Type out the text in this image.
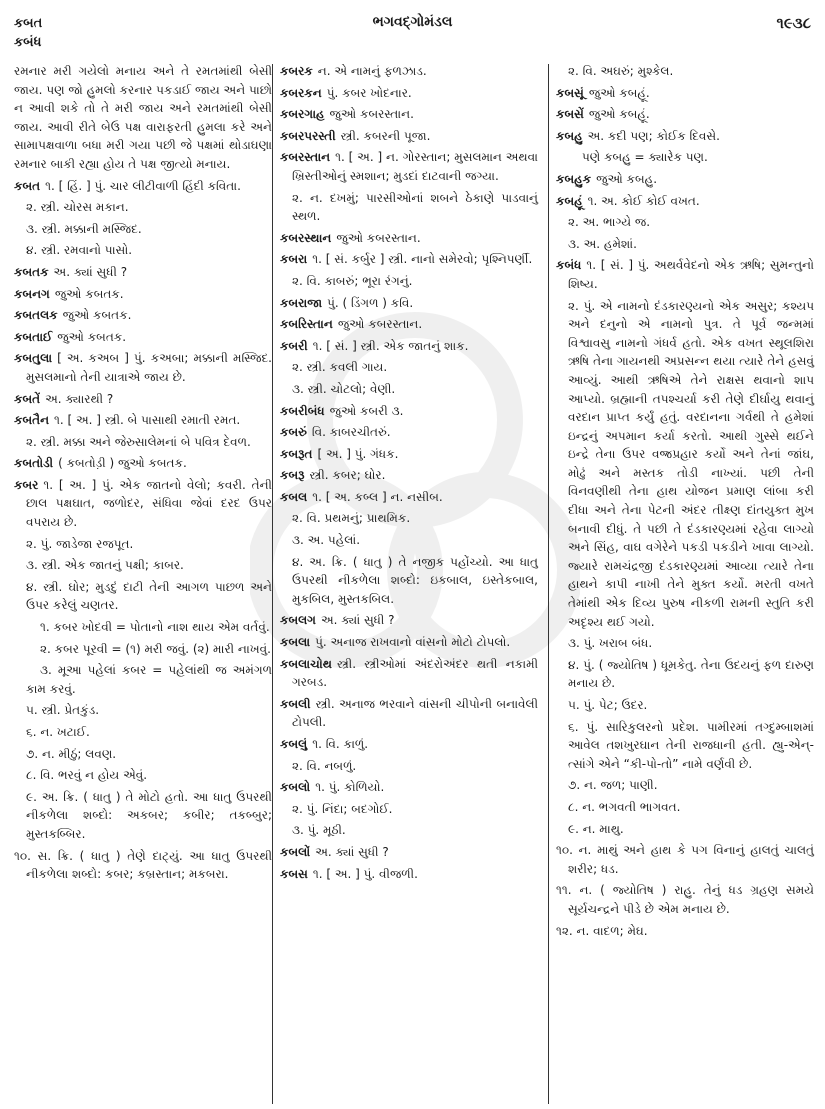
કબત
કબંધ
ભગવદ્ગોમંડલ	૧૯૩૮
રમનાર મરી ગયેલો મનાય અને તે રમતમાંથી બેસી જાય. પણ જો હુમલો કરનાર પકડાઈ જાય અને પાછો ન આવી શકે તો તે મરી જાય અને રમતમાંથી બેસી જાય. આવી રીતે બેઉ પક્ષ વારાફરતી હુમલા કરે અને સામાપક્ષવાળા બધા મરી ગયા પછી જે પક્ષમાં થોડાઘણા રમનાર બાકી રહ્યા હોય તે પક્ષ જીત્યો મનાય.
કબત ૧. [ હિં. ] પું. ચાર લીટીવાળી હિંદી કવિતા.
૨. સ્ત્રી. ચોરસ મકાન.
૩. સ્ત્રી. મક્કાની મસ્જિદ.
૪. સ્ત્રી. રમવાનો પાસો.
કબતક અ. ક્યાં સુધી ?
કબનગ જુઓ કબતક.
કબતલક જુઓ કબતક.
કબતાઈ જુઓ કબતક.
કબતુલા [ અ. કઅબ ] પું. કઅબા; મક્કાની મસ્જિદ. મુસલમાનો તેની યાત્રાએ જાય છે.
કબતેં અ. ક્યારથી ?
કબતૈન ૧. [ અ. ] સ્ત્રી. બે પાસાથી રમાતી રમત.
૨. સ્ત્રી. મક્કા અને જેરુસાલેમનાં બે પવિત્ર દેવળ.
કબતોડી ( કબતોડ઼ી ) જુઓ કબતક.
કબર ૧. [ અ. ] પું. એક જાતનો વેલો; કવરી. તેની છાલ પક્ષઘાત, જળોદર, સંધિવા જેવાં દરદ ઉપર વપરાય છે.
૨. પું. જાડેજા રજપૂત.
૩. સ્ત્રી. એક જાતનું પક્ષી; કાબર.
૪. સ્ત્રી. ઘોર; મુડદું દાટી તેની આગળ પાછળ અને ઉપર કરેલું ચણતર.
૧. કબર ખોદવી = પોતાનો નાશ થાય એમ વર્તવું.
૨. કબર પૂરવી = (૧) મરી જવું. (૨) મારી નાખવું.
૩. મૂઆ પહેલાં કબર = પહેલાંથી જ અમંગળ કામ કરવું.
૫. સ્ત્રી. પ્રેતકુંડ.
૬. ન. ખટાઈ.
૭. ન. મીઠું; લવણ.
૮. વિ. ભરવું ન હોય એવું.
૯. અ. ક્રિ. ( ધાતુ ) તે મોટો હતો. આ ધાતુ ઉપરથી નીકળેલા શબ્દો: અકબર; કબીર; તકબ્બુર; મુસ્તકબ્બિર.
૧૦. સ. ક્રિ. ( ધાતુ ) તેણે દાટ્યું. આ ધાતુ ઉપરથી નીકળેલા શબ્દો: કબર; કબ્રસ્તાન; મકબરા.
કબરક ન. એ નામનું ફળઝાડ.
કબરકન પું. કબર ખોદનાર.
કબરગાહ જુઓ કબરસ્તાન.
કબરપરસ્તી સ્ત્રી. કબરની પૂજા.
કબરસ્તાન ૧. [ અ. ] ન. ગોરસ્તાન; મુસલમાન અથવા ખ્રિસ્તીઓનું સ્મશાન; મુડદાં દાટવાની જગ્યા.
૨. ન. દખમું; પારસીઓનાં શબને ઠેકાણે પાડવાનું સ્થળ.
કબરસ્થાન જુઓ કબરસ્તાન.
કબરા ૧. [ સં. કર્બુર ] સ્ત્રી. નાનો સમેરવો; પૃશ્નિપર્ણી.
૨. વિ. કાબરું; ભૂરા રંગનું.
કબરાજા પું. ( ડિંગળ ) કવિ.
કબરિસ્તાન જુઓ કબરસ્તાન.
કબરી ૧. [ સં. ] સ્ત્રી. એક જાતનું શાક.
૨. સ્ત્રી. કવલી ગાય.
૩. સ્ત્રી. ચોટલો; વેણી.
કબરીબંધ જુઓ કબરી ૩.
કબરું વિ. કાબરચીતરું.
કબરૂત [ અ. ] પું. ગંધક.
કબરૂ સ્ત્રી. કબર; ઘોર.
કબલ ૧. [ અ. કબ્લ ] ન. નસીબ.
૨. વિ. પ્રથમનું; પ્રાથમિક.
૩. અ. પહેલાં.
૪. અ. ક્રિ. ( ધાતુ ) તે નજીક પહોંચ્યો. આ ધાતુ ઉપરથી નીકળેલા શબ્દો: ઇકબાલ, ઇસ્તેકબાલ, મુકબિલ, મુસ્તકબિલ.
કબલગ અ. ક્યાં સુધી ?
કબલા પું. અનાજ રાખવાનો વાંસનો મોટો ટોપલો.
કબલાચોથ સ્ત્રી. સ્ત્રીઓમાં અંદરોઅંદર થતી નકામી ગરબડ.
કબલી સ્ત્રી. અનાજ ભરવાને વાંસની ચીપોની બનાવેલી ટોપલી.
કબલું ૧. વિ. કાળું.
૨. વિ. નબળું.
કબલો ૧. પું. કોળિયો.
૨. પું. નિંદા; બદગોઈ.
૩. પું. મૂઠી.
કબલોં અ. ક્યાં સુધી ?
કબસ ૧. [ અ. ] પું. વીજળી.
૨. વિ. અઘરું; મુશ્કેલ.
કબસૂં જુઓ કબહૂં.
કબસેં જુઓ કબહૂં.
કબહુ અ. કદી પણ; કોઈક દિવસે.
પણે કબહુ = ક્યારેક પણ.
કબહુક જુઓ કબહુ.
કબહૂં ૧. અ. કોઈ કોઈ વખત.
૨. અ. ભાગ્યે જ.
૩. અ. હમેશાં.
કબંધ ૧. [ સં. ] પું. અથર્વવેદનો એક ઋષિ; સુમન્તુનો શિષ્ય.
૨. પું. એ નામનો દંડકારણ્યનો એક અસુર; કશ્યપ અને દનુનો એ નામનો પુત્ર. તે પૂર્વ જન્મમાં વિશ્વાવસુ નામનો ગંધર્વ હતો. એક વખત સ્થૂલશિરા ઋષિ તેના ગાયનથી અપ્રસન્ન થયા ત્યારે તેને હસવું આવ્યું. આથી ઋષિએ તેને રાક્ષસ થવાનો શાપ આપ્યો. બ્રહ્માની તપશ્ચર્યા કરી તેણે દીર્ઘાયુ થવાનું વરદાન પ્રાપ્ત કર્યું હતું. વરદાનના ગર્વથી તે હમેશાં ઇન્દ્રનું અપમાન કર્યા કરતો. આથી ગુસ્સે થઈને ઇન્દ્રે તેના ઉપર વજ્રપ્રહાર કર્યો અને તેનાં જાંઘ, મોઢું અને મસ્તક તોડી નાખ્યાં. પછી તેની વિનવણીથી તેના હાથ યોજન પ્રમાણ લાંબા કરી દીધા અને તેના પેટની અંદર તીક્ષ્ણ દાંતયુક્ત મુખ બનાવી દીધું. તે પછી તે દંડકારણ્યમાં રહેવા લાગ્યો અને સિંહ, વાઘ વગેરેને પકડી પકડીને ખાવા લાગ્યો. જ્યારે રામચંદ્રજી દંડકારણ્યમાં આવ્યા ત્યારે તેના હાથને કાપી નાખી તેને મુક્ત કર્યો. મરતી વખતે તેમાંથી એક દિવ્ય પુરુષ નીકળી રામની સ્તુતિ કરી અદૃશ્ય થઈ ગયો.
૩. પું. ખરાબ બંધ.
૪. પું. ( જ્યોતિષ ) ધૂમકેતુ. તેના ઉદયનું ફળ દારુણ મનાય છે.
૫. પું. પેટ; ઉદર.
૬. પું. સારિકુલરનો પ્રદેશ. પામીરમાં તગ્દુમ્બાશમાં આવેલ તશખુરઘાન તેની રાજધાની હતી. હ્યુ-એન્-ત્સાંગે એને “કી-પો-તો” નામે વર્ણવી છે.
૭. ન. જળ; પાણી.
૮. ન. ભગવતી ભાગવત.
૯. ન. માથુ.
૧૦. ન. માથું અને હાથ કે પગ વિનાનું હાલતું ચાલતું શરીર; ધડ.
૧૧. ન. ( જ્યોતિષ ) રાહુ. તેનું ધડ ગ્રહણ સમયે સૂર્યચન્દ્રને પીડે છે એમ મનાય છે.
૧૨. ન. વાદળ; મેઘ.
